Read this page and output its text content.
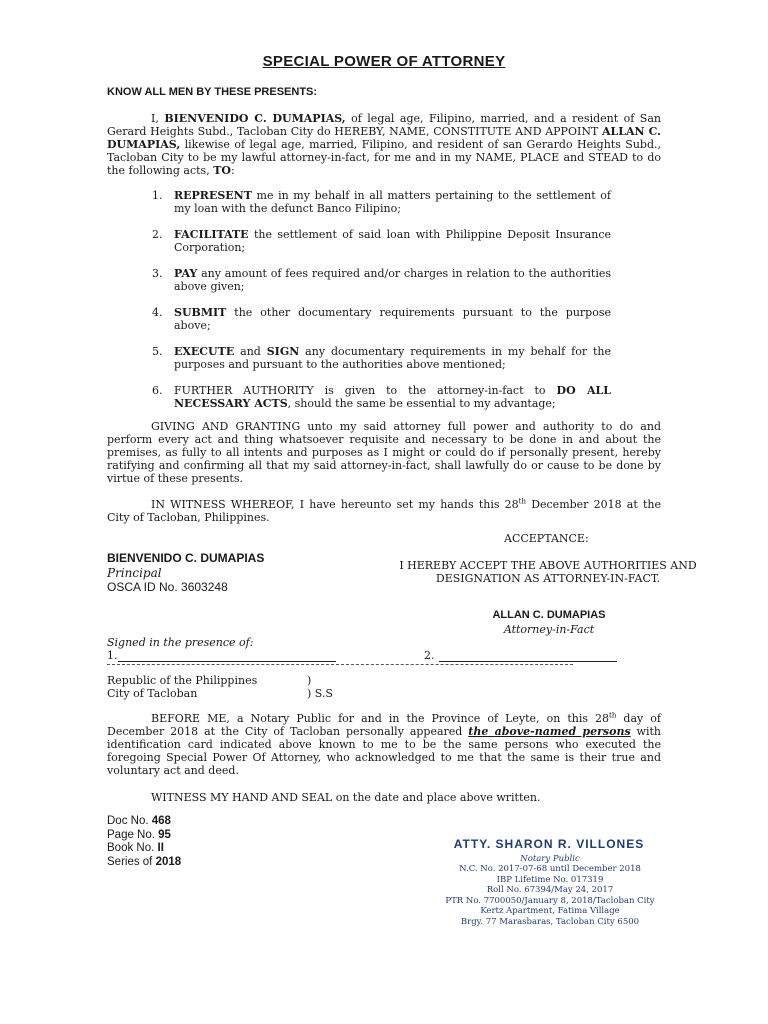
SPECIAL POWER OF ATTORNEY
KNOW ALL MEN BY THESE PRESENTS:

I, BIENVENIDO C. DUMAPIAS, of legal age, Filipino, married, and a resident of San Gerard Heights Subd., Tacloban City do HEREBY, NAME, CONSTITUTE AND APPOINT ALLAN C. DUMAPIAS, likewise of legal age, married, Filipino, and resident of san Gerardo Heights Subd., Tacloban City to be my lawful attorney-in-fact, for me and in my NAME, PLACE and STEAD to do the following acts, TO:

1. REPRESENT me in my behalf in all matters pertaining to the settlement of my loan with the defunct Banco Filipino;
2. FACILITATE the settlement of said loan with Philippine Deposit Insurance Corporation;
3. PAY any amount of fees required and/or charges in relation to the authorities above given;
4. SUBMIT the other documentary requirements pursuant to the purpose above;
5. EXECUTE and SIGN any documentary requirements in my behalf for the purposes and pursuant to the authorities above mentioned;
6. FURTHER AUTHORITY is given to the attorney-in-fact to DO ALL NECESSARY ACTS, should the same be essential to my advantage;

GIVING AND GRANTING unto my said attorney full power and authority to do and perform every act and thing whatsoever requisite and necessary to be done in and about the premises, as fully to all intents and purposes as I might or could do if personally present, hereby ratifying and confirming all that my said attorney-in-fact, shall lawfully do or cause to be done by virtue of these presents.

IN WITNESS WHEREOF, I have hereunto set my hands this 28th December 2018 at the City of Tacloban, Philippines.

ACCEPTANCE:
BIENVENIDO C. DUMAPIAS
Principal
OSCA ID No. 3603248
I HEREBY ACCEPT THE ABOVE AUTHORITIES AND DESIGNATION AS ATTORNEY-IN-FACT.
ALLAN C. DUMAPIAS
Attorney-in-Fact
Signed in the presence of:
1.	2.
Republic of the Philippines	)
City of Tacloban	) S.S

BEFORE ME, a Notary Public for and in the Province of Leyte, on this 28th day of December 2018 at the City of Tacloban personally appeared the above-named persons with identification card indicated above known to me to be the same persons who executed the foregoing Special Power Of Attorney, who acknowledged to me that the same is their true and voluntary act and deed.

WITNESS MY HAND AND SEAL on the date and place above written.

Doc No. 468
Page No. 95
Book No. II
Series of 2018
ATTY. SHARON R. VILLONES
Notary Public
N.C. No. 2017-07-68 until December 2018
IBP Lifetime No. 017319
Roll No. 67394/May 24, 2017
PTR No. 7700050/January 8, 2018/Tacloban City
Kertz Apartment, Fatima Village
Brgy. 77 Marasbaras, Tacloban City 6500
